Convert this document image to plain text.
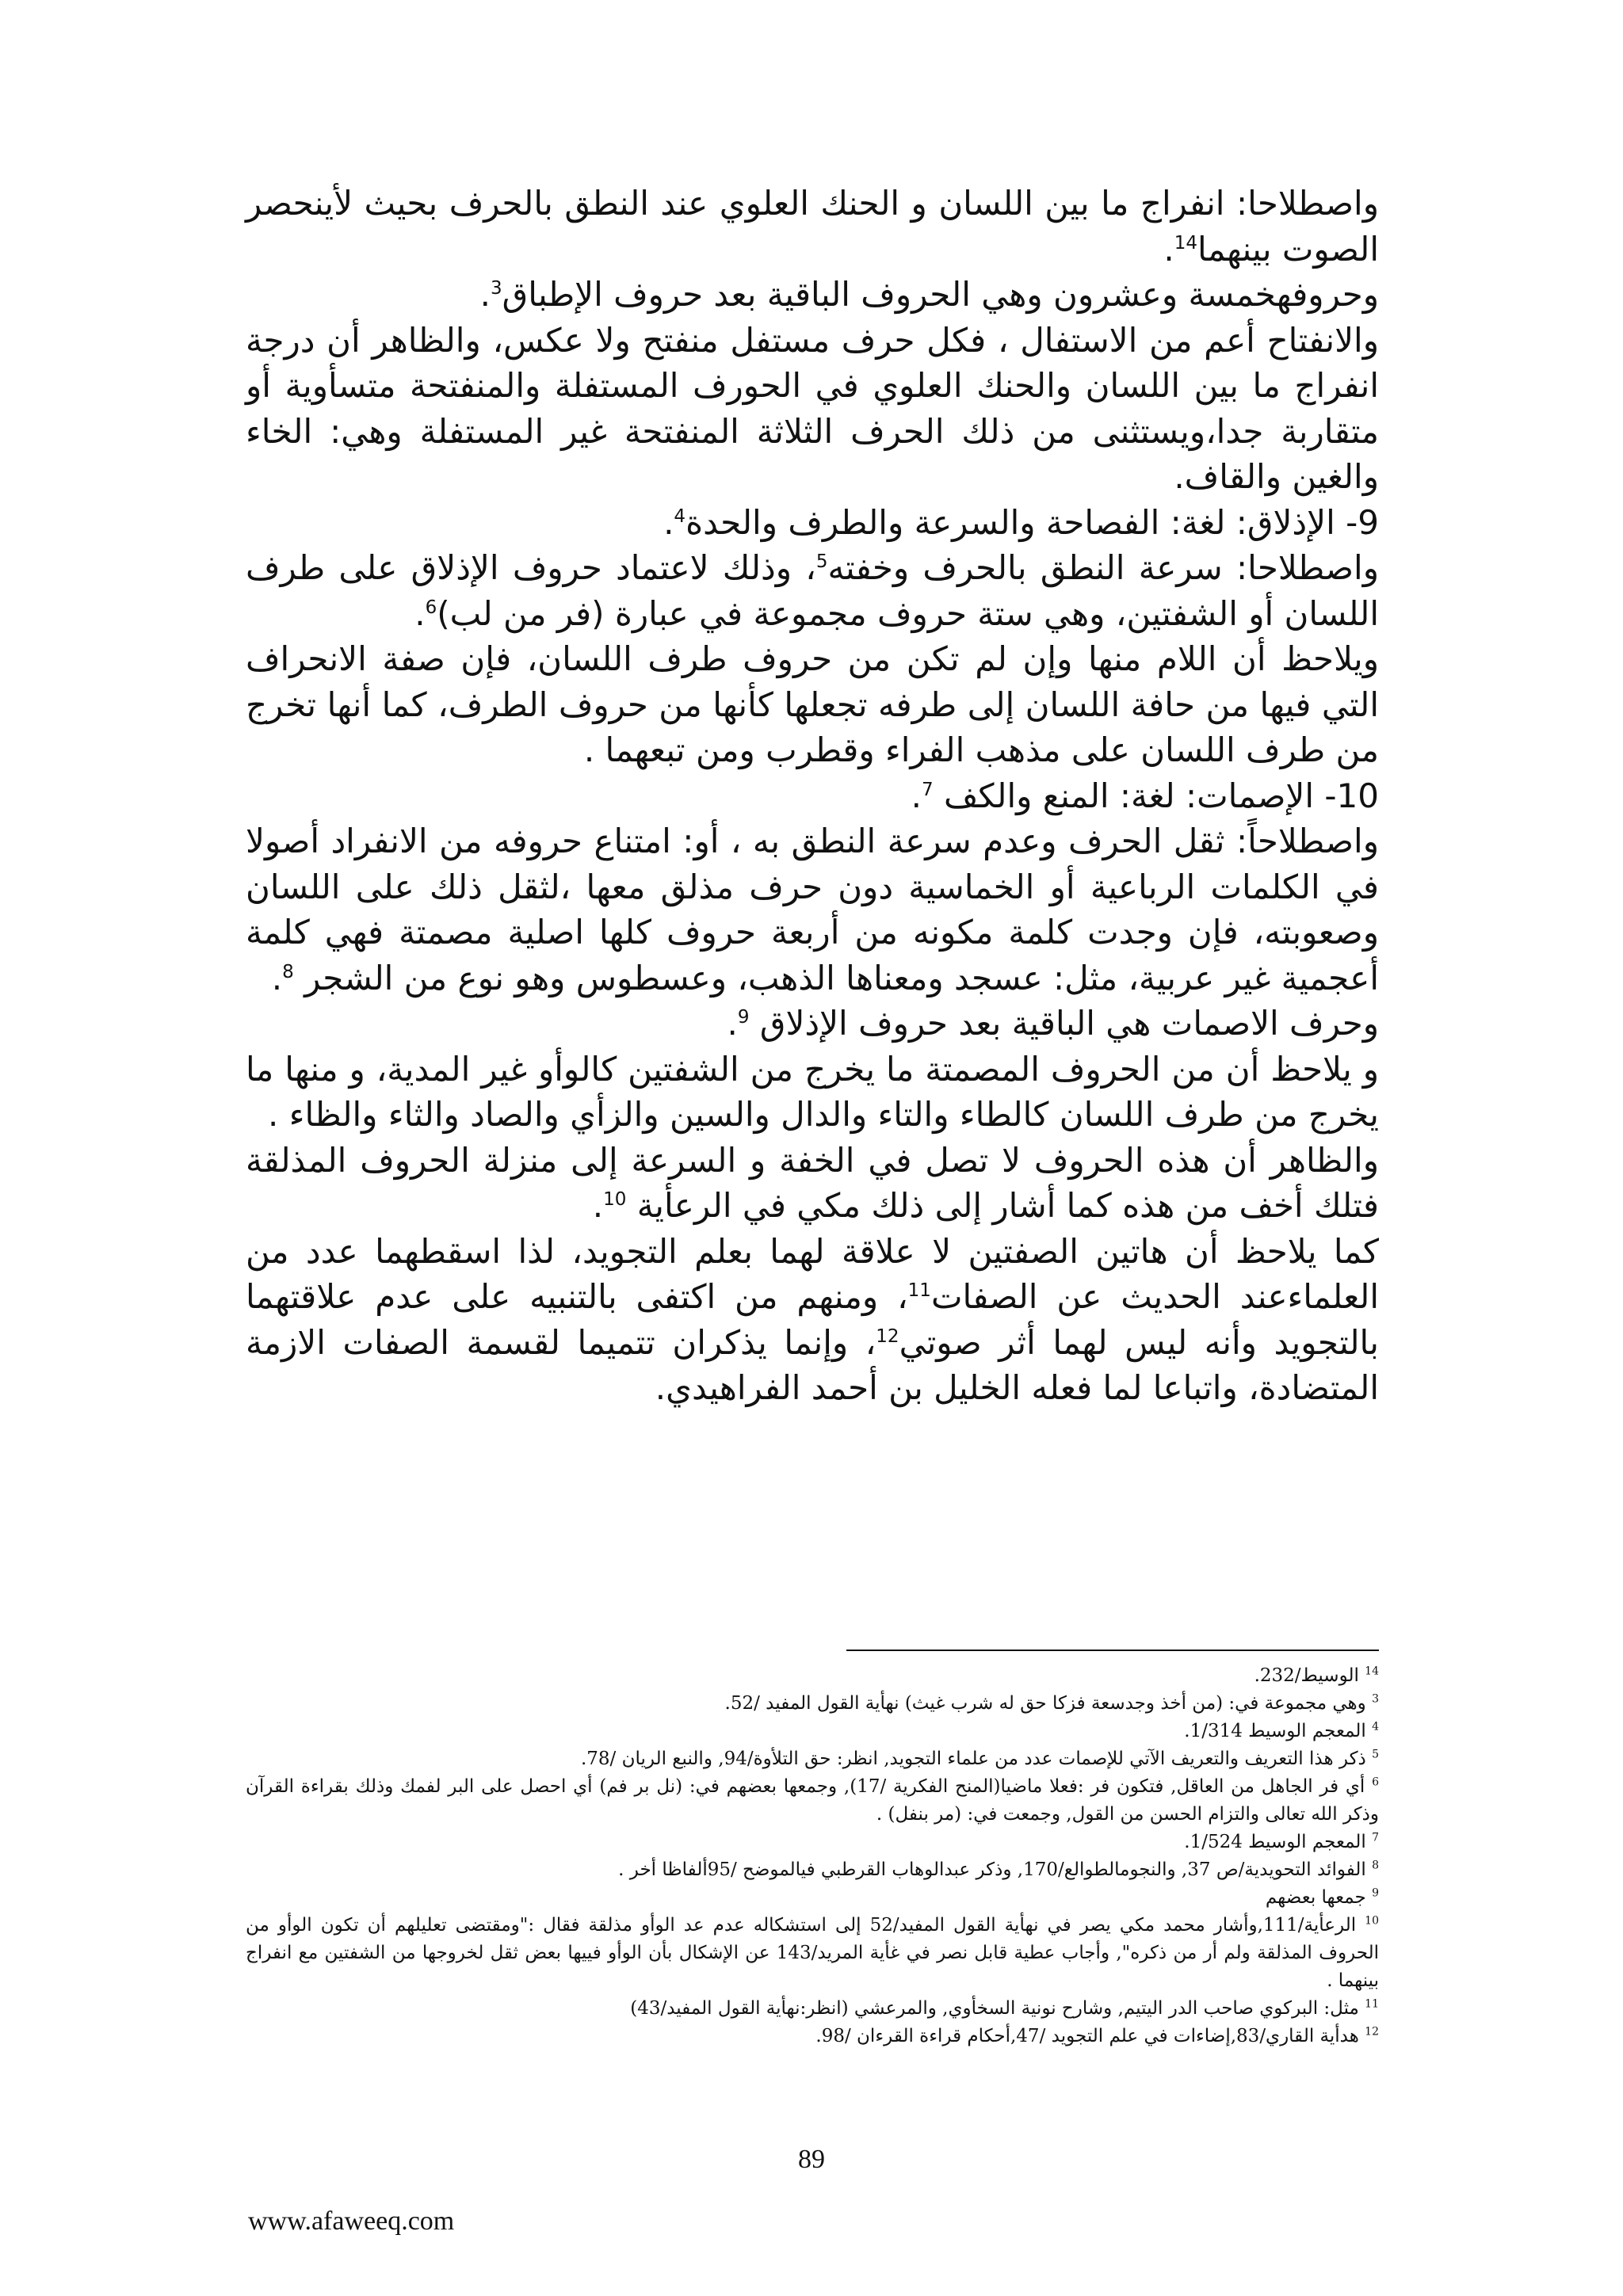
واصطلاحا: انفراج ما بين اللسان و الحنك العلوي عند النطق بالحرف بحيث لأينحصر الصوت بينهما$^{14}$.

وحروفهخمسة وعشرون وهي الحروف الباقية بعد حروف الإطباق$^3$.

والانفتاح أعم من الاستفال ، فكل حرف مستفل منفتح ولا عكس، والظاهر أن درجة انفراج ما بين اللسان والحنك العلوي في الحورف المستفلة والمنفتحة متسأوية أو متقاربة جدا،ويستثنى من ذلك الحرف الثلاثة المنفتحة غير المستفلة وهي: الخاء والغين والقاف.

9- الإذلاق: لغة: الفصاحة والسرعة والطرف والحدة$^4$.

واصطلاحا: سرعة النطق بالحرف وخفته$^5$، وذلك لاعتماد حروف الإذلاق على طرف اللسان أو الشفتين، وهي ستة حروف مجموعة في عبارة (فر من لب)$^6$.

ويلاحظ أن اللام منها وإن لم تكن من حروف طرف اللسان، فإن صفة الانحراف التي فيها من حافة اللسان إلى طرفه تجعلها كأنها من حروف الطرف، كما أنها تخرج من طرف اللسان على مذهب الفراء وقطرب ومن تبعهما .

10- الإصمات: لغة: المنع والكف $^7$.

واصطلاحاً: ثقل الحرف وعدم سرعة النطق به ، أو: امتناع حروفه من الانفراد أصولا في الكلمات الرباعية أو الخماسية دون حرف مذلق معها ،لثقل ذلك على اللسان وصعوبته، فإن وجدت كلمة مكونه من أربعة حروف كلها اصلية مصمتة فهي كلمة أعجمية غير عربية، مثل: عسجد ومعناها الذهب، وعسطوس وهو نوع من الشجر $^8$.

وحرف الاصمات هي الباقية بعد حروف الإذلاق $^9$.

و يلاحظ أن من الحروف المصمتة ما يخرج من الشفتين كالوأو غير المدية، و منها ما يخرج من طرف اللسان كالطاء والتاء والدال والسين والزأي والصاد والثاء والظاء .

والظاهر أن هذه الحروف لا تصل في الخفة و السرعة إلى منزلة الحروف المذلقة فتلك أخف من هذه كما أشار إلى ذلك مكي في الرعأية $^{10}$.

كما يلاحظ أن هاتين الصفتين لا علاقة لهما بعلم التجويد، لذا اسقطهما عدد من العلماءعند الحديث عن الصفات$^{11}$، ومنهم من اكتفى بالتنبيه على عدم علاقتهما بالتجويد وأنه ليس لهما أثر صوتي$^{12}$، وإنما يذكران تتميما لقسمة الصفات الازمة المتضادة، واتباعا لما فعله الخليل بن أحمد الفراهيدي.

$^{14}$ الوسيط/232.

$^3$ وهي مجموعة في: (من أخذ وجدسعة فزكا حق له شرب غيث) نهأية القول المفيد /52.

$^4$ المعجم الوسيط 1/314.

$^5$ ذكر هذا التعريف والتعريف الآتي للإصمات عدد من علماء التجويد, انظر: حق التلأوة/94, والنبع الريان /78.

$^6$ أي فر الجاهل من العاقل, فتكون فر :فعلا ماضيا(المنح الفكرية /17), وجمعها بعضهم في: (نل بر فم) أي احصل على البر لفمك وذلك بقراءة القرآن وذكر الله تعالى والتزام الحسن من القول, وجمعت في: (مر بنفل) .

$^7$ المعجم الوسيط 1/524.

$^8$ الفوائد التحويدية/ص 37, والنجومالطوالع/170, وذكر عبدالوهاب القرطبي فيالموضح /95ألفاظا أخر .

$^9$ جمعها بعضهم

$^{10}$ الرعأية/111,وأشار محمد مكي يصر في نهأية القول المفيد/52 إلى استشكاله عدم عد الوأو مذلقة فقال :"ومقتضى تعليلهم أن تكون الوأو من الحروف المذلقة ولم أر من ذكره", وأجاب عطية قابل نصر في غأية المريد/143 عن الإشكال بأن الوأو فييها بعض ثقل لخروجها من الشفتين مع انفراج بينهما .

$^{11}$ مثل: البركوي صاحب الدر اليتيم, وشارح نونية السخأوي, والمرعشي (انظر:نهأية القول المفيد/43)

$^{12}$ هدأية القاري/83,إضاءات في علم التجويد /47,أحكام قراءة القرءان /98.

89
www.afaweeq.com
